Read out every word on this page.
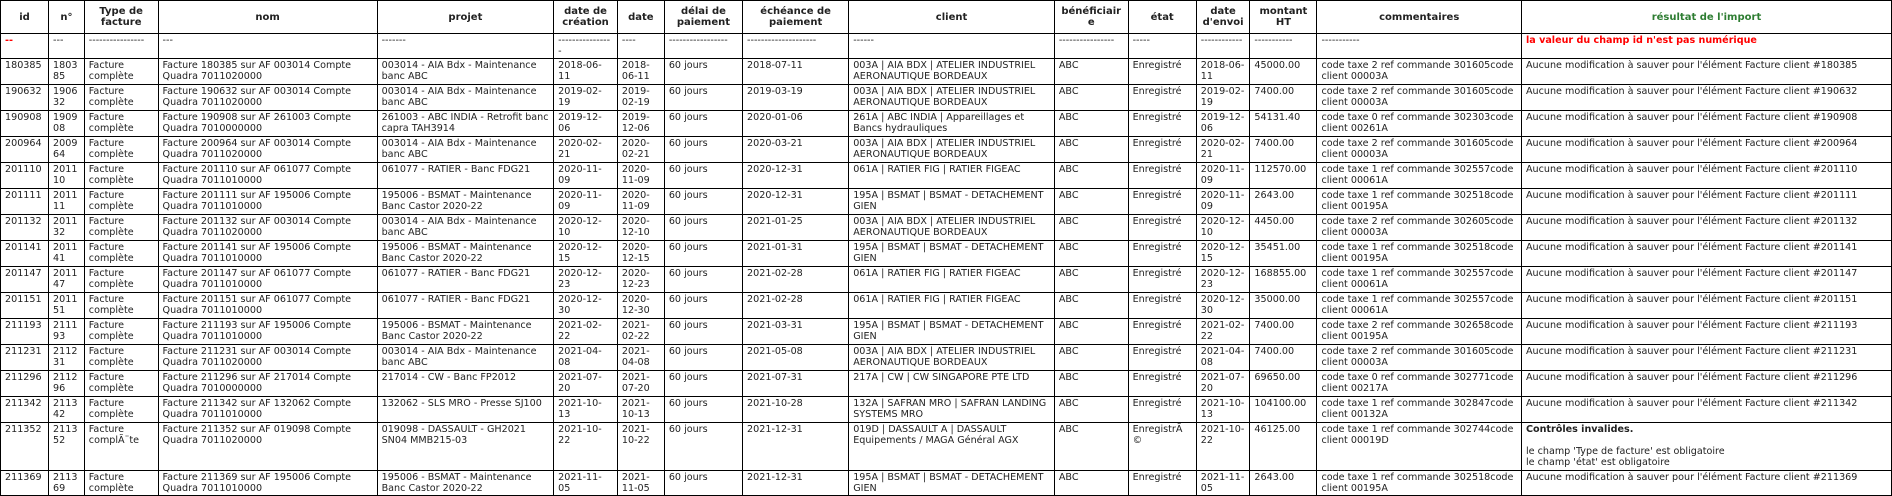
id	n°	Type de facture	nom	projet	date de création	date	délai de paiement	échéance de paiement	client	bénéficiaire	état	date d'envoi	montant HT	commentaires	résultat de l'import
--	---	----------------	---	-------	----------------	----	-----------------	--------------------	------	----------------	-----	------------	-----------	-----------	la valeur du champ id n'est pas numérique
180385	180385	Facture complète	Facture 180385 sur AF 003014 Compte Quadra 7011020000	003014 - AIA Bdx - Maintenance banc ABC	2018-06-11	2018-06-11	60 jours	2018-07-11	003A | AIA BDX | ATELIER INDUSTRIEL AERONAUTIQUE BORDEAUX	ABC	Enregistré	2018-06-11	45000.00	code taxe 2 ref commande 301605code client 00003A	Aucune modification à sauver pour l'élément Facture client #180385
190632	190632	Facture complète	Facture 190632 sur AF 003014 Compte Quadra 7011020000	003014 - AIA Bdx - Maintenance banc ABC	2019-02-19	2019-02-19	60 jours	2019-03-19	003A | AIA BDX | ATELIER INDUSTRIEL AERONAUTIQUE BORDEAUX	ABC	Enregistré	2019-02-19	7400.00	code taxe 2 ref commande 301605code client 00003A	Aucune modification à sauver pour l'élément Facture client #190632
190908	190908	Facture complète	Facture 190908 sur AF 261003 Compte Quadra 7010000000	261003 - ABC INDIA - Retrofit banc capra TAH3914	2019-12-06	2019-12-06	60 jours	2020-01-06	261A | ABC INDIA | Appareillages et Bancs hydrauliques	ABC	Enregistré	2019-12-06	54131.40	code taxe 0 ref commande 302303code client 00261A	Aucune modification à sauver pour l'élément Facture client #190908
200964	200964	Facture complète	Facture 200964 sur AF 003014 Compte Quadra 7011020000	003014 - AIA Bdx - Maintenance banc ABC	2020-02-21	2020-02-21	60 jours	2020-03-21	003A | AIA BDX | ATELIER INDUSTRIEL AERONAUTIQUE BORDEAUX	ABC	Enregistré	2020-02-21	7400.00	code taxe 2 ref commande 301605code client 00003A	Aucune modification à sauver pour l'élément Facture client #200964
201110	201110	Facture complète	Facture 201110 sur AF 061077 Compte Quadra 7011010000	061077 - RATIER - Banc FDG21	2020-11-09	2020-11-09	60 jours	2020-12-31	061A | RATIER FIG | RATIER FIGEAC	ABC	Enregistré	2020-11-09	112570.00	code taxe 1 ref commande 302557code client 00061A	Aucune modification à sauver pour l'élément Facture client #201110
201111	201111	Facture complète	Facture 201111 sur AF 195006 Compte Quadra 7011010000	195006 - BSMAT - Maintenance Banc Castor 2020-22	2020-11-09	2020-11-09	60 jours	2020-12-31	195A | BSMAT | BSMAT - DETACHEMENT GIEN	ABC	Enregistré	2020-11-09	2643.00	code taxe 1 ref commande 302518code client 00195A	Aucune modification à sauver pour l'élément Facture client #201111
201132	201132	Facture complète	Facture 201132 sur AF 003014 Compte Quadra 7011020000	003014 - AIA Bdx - Maintenance banc ABC	2020-12-10	2020-12-10	60 jours	2021-01-25	003A | AIA BDX | ATELIER INDUSTRIEL AERONAUTIQUE BORDEAUX	ABC	Enregistré	2020-12-10	4450.00	code taxe 2 ref commande 302605code client 00003A	Aucune modification à sauver pour l'élément Facture client #201132
201141	201141	Facture complète	Facture 201141 sur AF 195006 Compte Quadra 7011010000	195006 - BSMAT - Maintenance Banc Castor 2020-22	2020-12-15	2020-12-15	60 jours	2021-01-31	195A | BSMAT | BSMAT - DETACHEMENT GIEN	ABC	Enregistré	2020-12-15	35451.00	code taxe 1 ref commande 302518code client 00195A	Aucune modification à sauver pour l'élément Facture client #201141
201147	201147	Facture complète	Facture 201147 sur AF 061077 Compte Quadra 7011010000	061077 - RATIER - Banc FDG21	2020-12-23	2020-12-23	60 jours	2021-02-28	061A | RATIER FIG | RATIER FIGEAC	ABC	Enregistré	2020-12-23	168855.00	code taxe 1 ref commande 302557code client 00061A	Aucune modification à sauver pour l'élément Facture client #201147
201151	201151	Facture complète	Facture 201151 sur AF 061077 Compte Quadra 7011010000	061077 - RATIER - Banc FDG21	2020-12-30	2020-12-30	60 jours	2021-02-28	061A | RATIER FIG | RATIER FIGEAC	ABC	Enregistré	2020-12-30	35000.00	code taxe 1 ref commande 302557code client 00061A	Aucune modification à sauver pour l'élément Facture client #201151
211193	211193	Facture complète	Facture 211193 sur AF 195006 Compte Quadra 7011010000	195006 - BSMAT - Maintenance Banc Castor 2020-22	2021-02-22	2021-02-22	60 jours	2021-03-31	195A | BSMAT | BSMAT - DETACHEMENT GIEN	ABC	Enregistré	2021-02-22	7400.00	code taxe 2 ref commande 302658code client 00195A	Aucune modification à sauver pour l'élément Facture client #211193
211231	211231	Facture complète	Facture 211231 sur AF 003014 Compte Quadra 7011020000	003014 - AIA Bdx - Maintenance banc ABC	2021-04-08	2021-04-08	60 jours	2021-05-08	003A | AIA BDX | ATELIER INDUSTRIEL AERONAUTIQUE BORDEAUX	ABC	Enregistré	2021-04-08	7400.00	code taxe 2 ref commande 301605code client 00003A	Aucune modification à sauver pour l'élément Facture client #211231
211296	211296	Facture complète	Facture 211296 sur AF 217014 Compte Quadra 7010000000	217014 - CW - Banc FP2012	2021-07-20	2021-07-20	60 jours	2021-07-31	217A | CW | CW SINGAPORE PTE LTD	ABC	Enregistré	2021-07-20	69650.00	code taxe 0 ref commande 302771code client 00217A	Aucune modification à sauver pour l'élément Facture client #211296
211342	211342	Facture complète	Facture 211342 sur AF 132062 Compte Quadra 7011010000	132062 - SLS MRO - Presse SJ100	2021-10-13	2021-10-13	60 jours	2021-10-28	132A | SAFRAN MRO | SAFRAN LANDING SYSTEMS MRO	ABC	Enregistré	2021-10-13	104100.00	code taxe 1 ref commande 302847code client 00132A	Aucune modification à sauver pour l'élément Facture client #211342
211352	211352	Facture complÃ¨te	Facture 211352 sur AF 019098 Compte Quadra 7011020000	019098 - DASSAULT - GH2021 SN04 MMB215-03	2021-10-22	2021-10-22	60 jours	2021-12-31	019D | DASSAULT A | DASSAULT Equipements / MAGA Général AGX	ABC	EnregistrÃ©	2021-10-22	46125.00	code taxe 1 ref commande 302744code client 00019D	Contrôles invalides.
le champ 'Type de facture' est obligatoire
le champ 'état' est obligatoire

211369	211369	Facture complète	Facture 211369 sur AF 195006 Compte Quadra 7011010000	195006 - BSMAT - Maintenance Banc Castor 2020-22	2021-11-05	2021-11-05	60 jours	2021-12-31	195A | BSMAT | BSMAT - DETACHEMENT GIEN	ABC	Enregistré	2021-11-05	2643.00	code taxe 1 ref commande 302518code client 00195A	Aucune modification à sauver pour l'élément Facture client #211369
